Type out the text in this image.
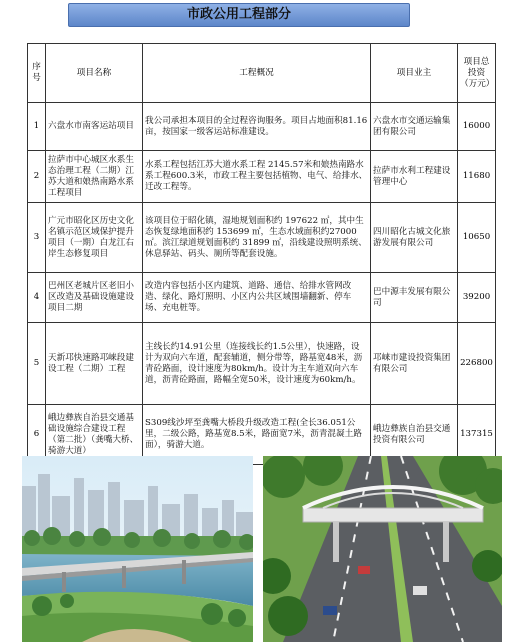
市政公用工程部分
序号	项目名称	工程概况	项目业主	项目总投资（万元）
1	六盘水市南客运站项目	我公司承担本项目的全过程咨询服务。项目占地面积81.16亩，按国家一级客运站标准建设。	六盘水市交通运输集团有限公司	16000
2	拉萨市中心城区水系生态治理工程（二期）江苏大道和娘热南路水系工程项目	水系工程包括江苏大道水系工程 2145.57米和娘热南路水系工程600.3米，市政工程主要包括植物、电气、给排水、迁改工程等。	拉萨市水利工程建设管理中心	11680
3	广元市昭化区历史文化名镇示范区域保护提升项目（一期）白龙江右岸生态修复项目	该项目位于昭化镇，湿地规划面积约 197622 ㎡，其中生态恢复绿地面积约 153699 ㎡，生态水域面积约27000 ㎡。滨江绿道规划面积约 31899 ㎡，沿线建设照明系统、休息驿站、码头、厕所等配套设施。	四川昭化古城文化旅游发展有限公司	10650
4	巴州区老城片区老旧小区改造及基础设施建设项目二期	改造内容包括小区内建筑、道路、通信、给排水管网改造、绿化、路灯照明、小区内公共区域围墙翻新、停车场、充电桩等。	巴中源丰发展有限公司	39200
5	天新邛快速路邛崃段建设工程（二期）工程	主线长约14.91公里（连接线长约1.5公里），快速路，设计为双向六车道，配套辅道，侧分带等，路基宽48米，沥青砼路面，设计速度为80km/h。设计为主车道双向六车道，沥青砼路面，路幅全宽50米，设计速度为60km/h。	邛崃市建设投资集团有限公司	226800
6	峨边彝族自治县交通基础设施综合建设工程（第二批）（龚嘴大桥、骑游大道）	S309线沙坪至龚嘴大桥段升级改造工程(全长36.051公里，二级公路，路基宽8.5米，路面宽7米，沥青混凝土路面），骑游大道。	峨边彝族自治县交通投资有限公司	137315
